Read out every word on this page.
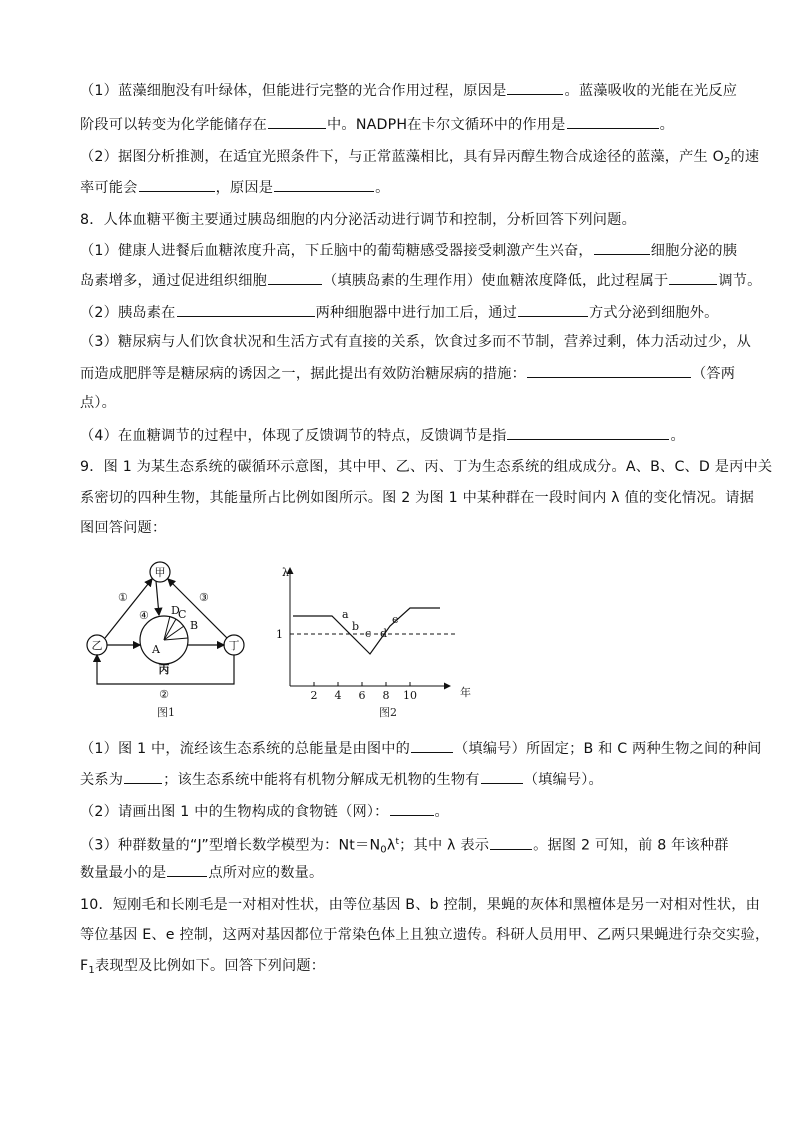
（1）蓝藻细胞没有叶绿体，但能进行完整的光合作用过程，原因是	。蓝藻吸收的光能在光反应
阶段可以转变为化学能储存在	中。NADPH在卡尔文循环中的作用是	。
（2）据图分析推测，在适宜光照条件下，与正常蓝藻相比，具有异丙醇生物合成途径的蓝藻，产生 $O_2$的速
率可能会	，原因是	。
8．人体血糖平衡主要通过胰岛细胞的内分泌活动进行调节和控制，分析回答下列问题。
（1）健康人进餐后血糖浓度升高，下丘脑中的葡萄糖感受器接受刺激产生兴奋，	细胞分泌的胰
岛素增多，通过促进组织细胞	（填胰岛素的生理作用）使血糖浓度降低，此过程属于	调节。
（2）胰岛素在	两种细胞器中进行加工后，通过	方式分泌到细胞外。
（3）糖尿病与人们饮食状况和生活方式有直接的关系，饮食过多而不节制，营养过剩，体力活动过少，从
而造成肥胖等是糖尿病的诱因之一，据此提出有效防治糖尿病的措施：	（答两
点）。
（4）在血糖调节的过程中，体现了反馈调节的特点，反馈调节是指	。
9．图 1 为某生态系统的碳循环示意图，其中甲、乙、丙、丁为生态系统的组成成分。A、B、C、D 是丙中关
系密切的四种生物，其能量所占比例如图所示。图 2 为图 1 中某种群在一段时间内 λ 值的变化情况。请据
图回答问题：
甲
乙	丁
D
C
B
A
丙
①
④
③
②
图1
λ
1
2 4 6 8 10	年
a
b
c d
e
图2
（1）图 1 中，流经该生态系统的总能量是由图中的	（填编号）所固定；B 和 C 两种生物之间的种间
关系为	；该生态系统中能将有机物分解成无机物的生物有	（填编号）。
（2）请画出图 1 中的生物构成的食物链（网）：	。
（3）种群数量的“J”型增长数学模型为：$Nt=N_0\lambda^t$；其中 λ 表示	。据图 2 可知，前 8 年该种群
数量最小的是	点所对应的数量。
10．短刚毛和长刚毛是一对相对性状，由等位基因 B、b 控制，果蝇的灰体和黑檀体是另一对相对性状，由
等位基因 E、e 控制，这两对基因都位于常染色体上且独立遗传。科研人员用甲、乙两只果蝇进行杂交实验，
$F_1$表现型及比例如下。回答下列问题：
